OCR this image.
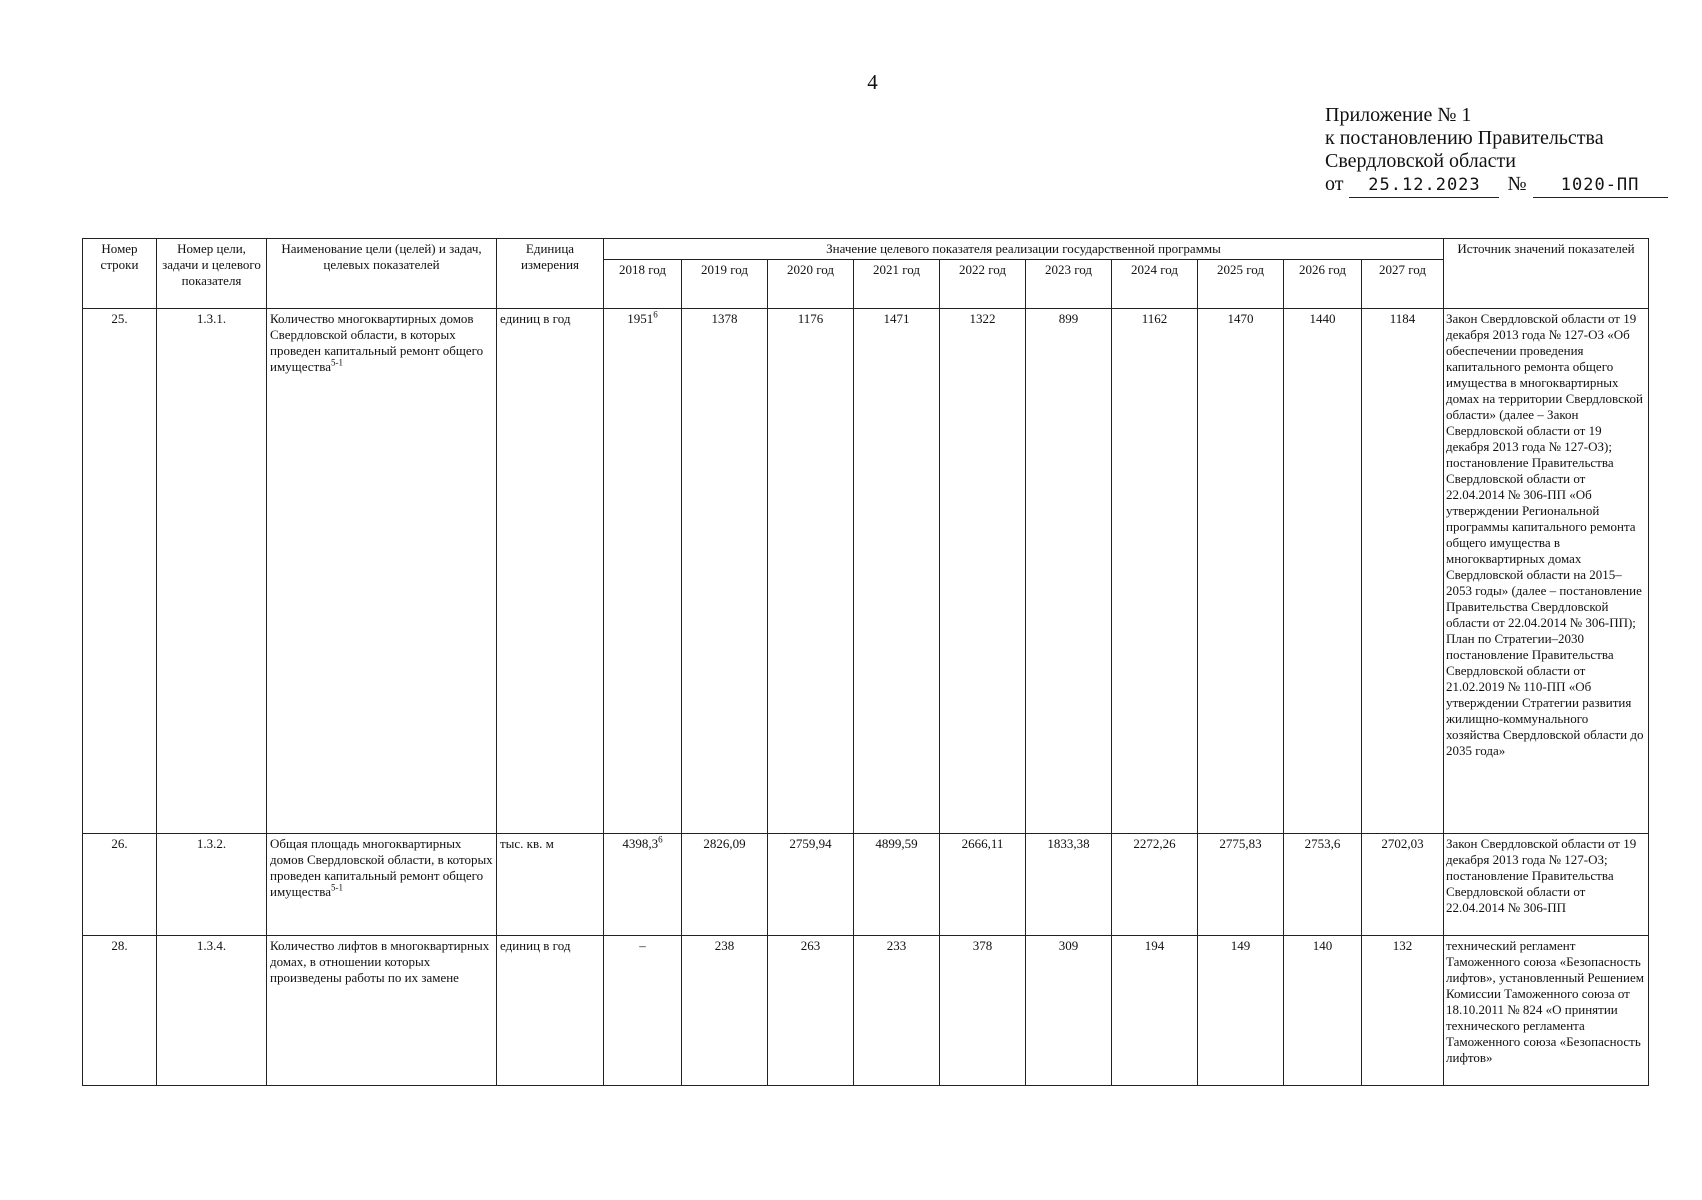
4
Приложение № 1
к постановлению Правительства
Свердловской области
от 25.12.2023 № 1020-ПП
Номер строки	Номер цели, задачи и целевого показателя	Наименование цели (целей) и задач, целевых показателей	Единица измерения	Значение целевого показателя реализации государственной программы										Источник значений показателей
				2018 год	2019 год	2020 год	2021 год	2022 год	2023 год	2024 год	2025 год	2026 год	2027 год	
25.	1.3.1.	Количество многоквартирных домов Свердловской области, в которых проведен капитальный ремонт общего имущества$^{5-1}$	единиц в год	1951$^6$	1378	1176	1471	1322	899	1162	1470	1440	1184	Закон Свердловской области от 19 декабря 2013 года № 127-ОЗ «Об обеспечении проведения капитального ремонта общего имущества в многоквартирных домах на территории Свердловской области» (далее – Закон Свердловской области от 19 декабря 2013 года № 127-ОЗ); постановление Правительства Свердловской области от 22.04.2014 № 306-ПП «Об утверждении Региональной программы капитального ремонта общего имущества в многоквартирных домах Свердловской области на 2015–2053 годы» (далее – постановление Правительства Свердловской области от 22.04.2014 № 306-ПП); План по Стратегии–2030 постановление Правительства Свердловской области от 21.02.2019 № 110-ПП «Об утверждении Стратегии развития жилищно-коммунального хозяйства Свердловской области до 2035 года»
26.	1.3.2.	Общая площадь многоквартирных домов Свердловской области, в которых проведен капитальный ремонт общего имущества$^{5-1}$	тыс. кв. м	4398,3$^6$	2826,09	2759,94	4899,59	2666,11	1833,38	2272,26	2775,83	2753,6	2702,03	Закон Свердловской области от 19 декабря 2013 года № 127-ОЗ; постановление Правительства Свердловской области от 22.04.2014 № 306-ПП
28.	1.3.4.	Количество лифтов в многоквартирных домах, в отношении которых произведены работы по их замене	единиц в год	–	238	263	233	378	309	194	149	140	132	технический регламент Таможенного союза «Безопасность лифтов», установленный Решением Комиссии Таможенного союза от 18.10.2011 № 824 «О принятии технического регламента Таможенного союза «Безопасность лифтов»
